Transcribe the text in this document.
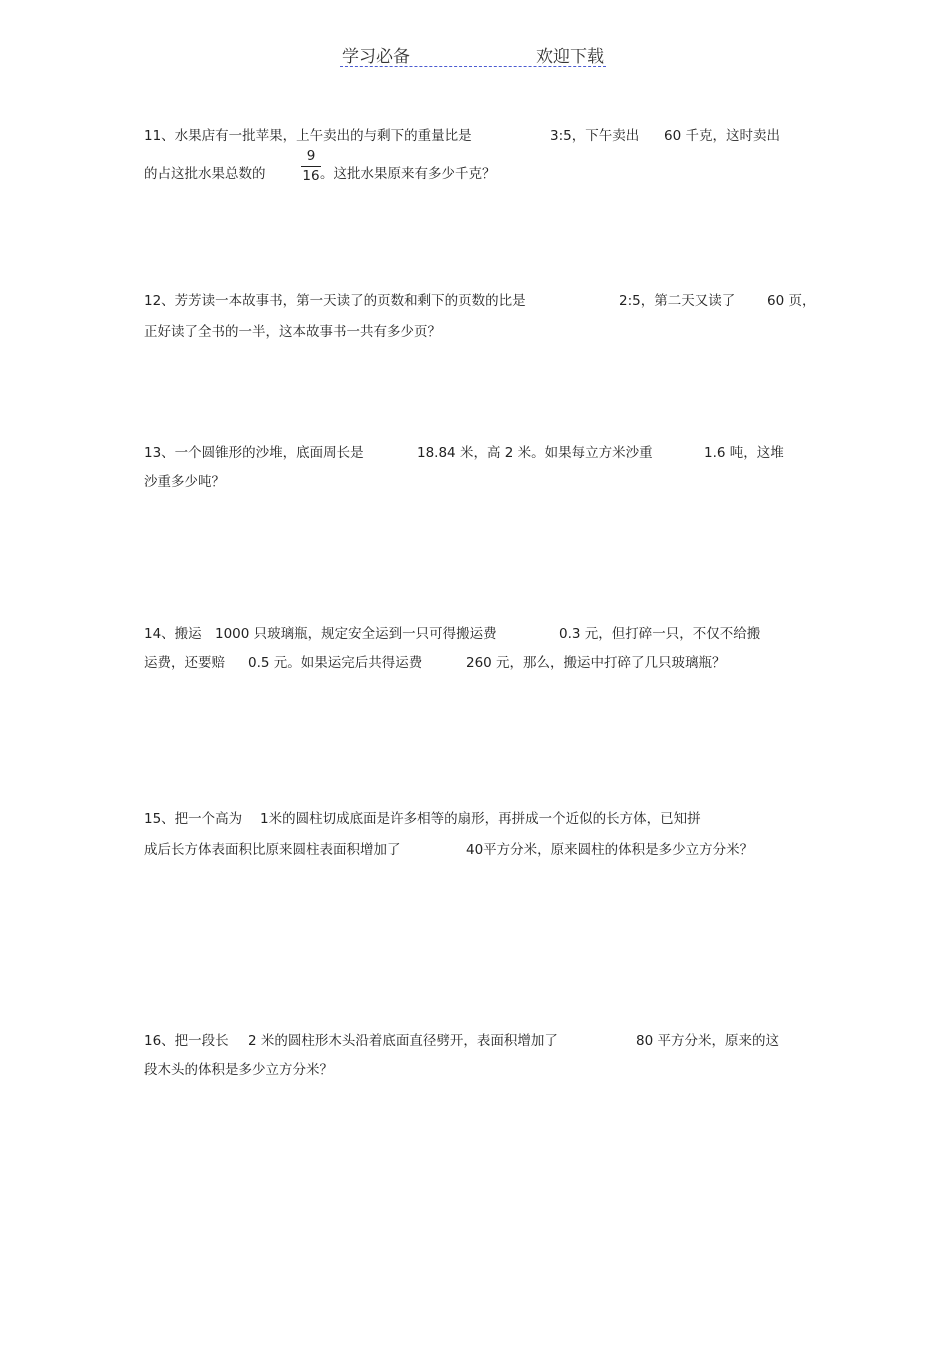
学习必备	欢迎下载
11、水果店有一批苹果，上午卖出的与剩下的重量比是	3:5，下午卖出 60 千克，这时卖出
的占这批水果总数的	。这批水果原来有多少千克？
9
16
12、芳芳读一本故事书，第一天读了的页数和剩下的页数的比是	2:5，第二天又读了 60 页，
正好读了全书的一半，这本故事书一共有多少页？
13、一个圆锥形的沙堆，底面周长是	18.84 米，高 2 米。如果每立方米沙重	1.6 吨，这堆
沙重多少吨？
14、搬运 1000 只玻璃瓶，规定安全运到一只可得搬运费	0.3 元，但打碎一只，不仅不给搬
运费，还要赔 0.5 元。如果运完后共得运费	260 元，那么，搬运中打碎了几只玻璃瓶？
15、把一个高为 1米的圆柱切成底面是许多相等的扇形，再拼成一个近似的长方体，已知拼
成后长方体表面积比原来圆柱表面积增加了	40平方分米，原来圆柱的体积是多少立方分米？
16、把一段长 2 米的圆柱形木头沿着底面直径劈开，表面积增加了	80 平方分米，原来的这
段木头的体积是多少立方分米？
